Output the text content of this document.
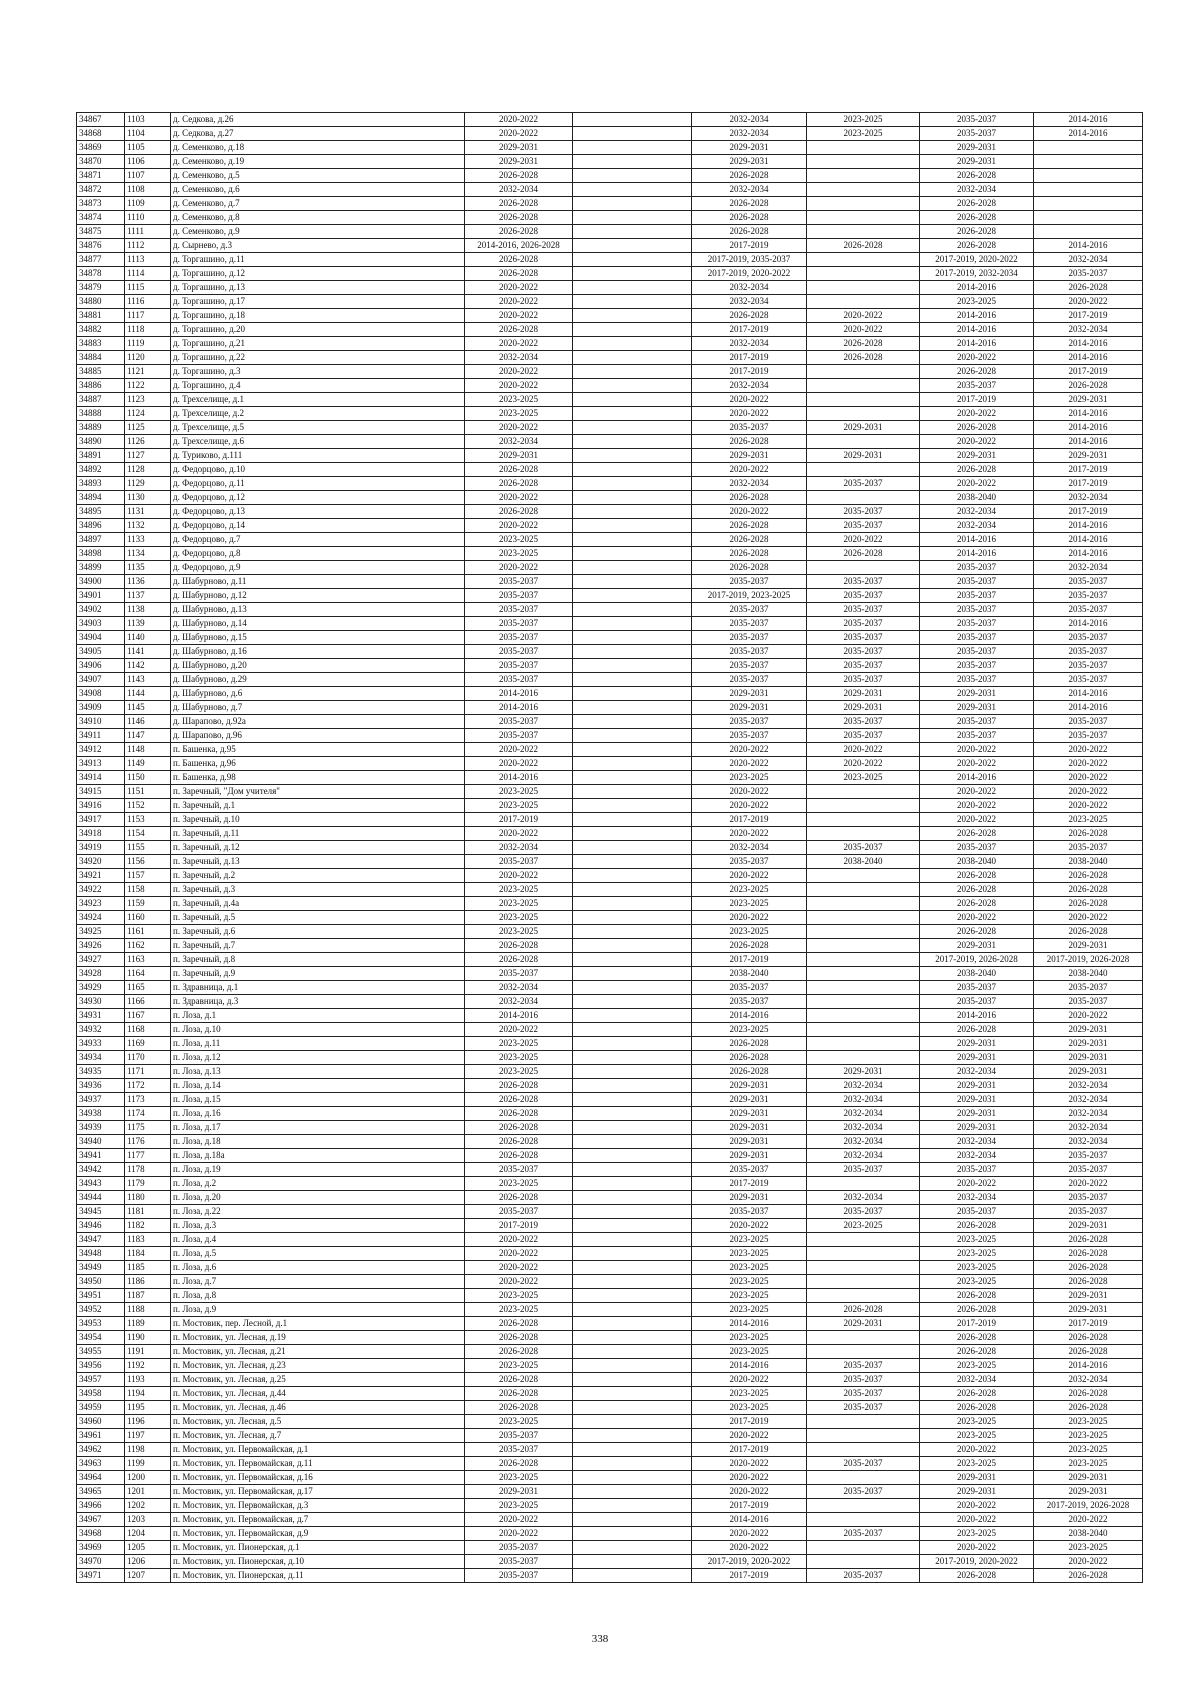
34867	1103	д. Седкова, д.26	2020-2022		2032-2034	2023-2025	2035-2037	2014-2016
34868	1104	д. Седкова, д.27	2020-2022		2032-2034	2023-2025	2035-2037	2014-2016
34869	1105	д. Семенково, д.18	2029-2031		2029-2031		2029-2031	
34870	1106	д. Семенково, д.19	2029-2031		2029-2031		2029-2031	
34871	1107	д. Семенково, д.5	2026-2028		2026-2028		2026-2028	
34872	1108	д. Семенково, д.6	2032-2034		2032-2034		2032-2034	
34873	1109	д. Семенково, д.7	2026-2028		2026-2028		2026-2028	
34874	1110	д. Семенково, д.8	2026-2028		2026-2028		2026-2028	
34875	1111	д. Семенково, д.9	2026-2028		2026-2028		2026-2028	
34876	1112	д. Сырнево, д.3	2014-2016, 2026-2028		2017-2019	2026-2028	2026-2028	2014-2016
34877	1113	д. Торгашино, д.11	2026-2028		2017-2019, 2035-2037		2017-2019, 2020-2022	2032-2034
34878	1114	д. Торгашино, д.12	2026-2028		2017-2019, 2020-2022		2017-2019, 2032-2034	2035-2037
34879	1115	д. Торгашино, д.13	2020-2022		2032-2034		2014-2016	2026-2028
34880	1116	д. Торгашино, д.17	2020-2022		2032-2034		2023-2025	2020-2022
34881	1117	д. Торгашино, д.18	2020-2022		2026-2028	2020-2022	2014-2016	2017-2019
34882	1118	д. Торгашино, д.20	2026-2028		2017-2019	2020-2022	2014-2016	2032-2034
34883	1119	д. Торгашино, д.21	2020-2022		2032-2034	2026-2028	2014-2016	2014-2016
34884	1120	д. Торгашино, д.22	2032-2034		2017-2019	2026-2028	2020-2022	2014-2016
34885	1121	д. Торгашино, д.3	2020-2022		2017-2019		2026-2028	2017-2019
34886	1122	д. Торгашино, д.4	2020-2022		2032-2034		2035-2037	2026-2028
34887	1123	д. Трехселище, д.1	2023-2025		2020-2022		2017-2019	2029-2031
34888	1124	д. Трехселище, д.2	2023-2025		2020-2022		2020-2022	2014-2016
34889	1125	д. Трехселище, д.5	2020-2022		2035-2037	2029-2031	2026-2028	2014-2016
34890	1126	д. Трехселище, д.6	2032-2034		2026-2028		2020-2022	2014-2016
34891	1127	д. Туриково, д.111	2029-2031		2029-2031	2029-2031	2029-2031	2029-2031
34892	1128	д. Федорцово, д.10	2026-2028		2020-2022		2026-2028	2017-2019
34893	1129	д. Федорцово, д.11	2026-2028		2032-2034	2035-2037	2020-2022	2017-2019
34894	1130	д. Федорцово, д.12	2020-2022		2026-2028		2038-2040	2032-2034
34895	1131	д. Федорцово, д.13	2026-2028		2020-2022	2035-2037	2032-2034	2017-2019
34896	1132	д. Федорцово, д.14	2020-2022		2026-2028	2035-2037	2032-2034	2014-2016
34897	1133	д. Федорцово, д.7	2023-2025		2026-2028	2020-2022	2014-2016	2014-2016
34898	1134	д. Федорцово, д.8	2023-2025		2026-2028	2026-2028	2014-2016	2014-2016
34899	1135	д. Федорцово, д.9	2020-2022		2026-2028		2035-2037	2032-2034
34900	1136	д. Шабурново, д.11	2035-2037		2035-2037	2035-2037	2035-2037	2035-2037
34901	1137	д. Шабурново, д.12	2035-2037		2017-2019, 2023-2025	2035-2037	2035-2037	2035-2037
34902	1138	д. Шабурново, д.13	2035-2037		2035-2037	2035-2037	2035-2037	2035-2037
34903	1139	д. Шабурново, д.14	2035-2037		2035-2037	2035-2037	2035-2037	2014-2016
34904	1140	д. Шабурново, д.15	2035-2037		2035-2037	2035-2037	2035-2037	2035-2037
34905	1141	д. Шабурново, д.16	2035-2037		2035-2037	2035-2037	2035-2037	2035-2037
34906	1142	д. Шабурново, д.20	2035-2037		2035-2037	2035-2037	2035-2037	2035-2037
34907	1143	д. Шабурново, д.29	2035-2037		2035-2037	2035-2037	2035-2037	2035-2037
34908	1144	д. Шабурново, д.6	2014-2016		2029-2031	2029-2031	2029-2031	2014-2016
34909	1145	д. Шабурново, д.7	2014-2016		2029-2031	2029-2031	2029-2031	2014-2016
34910	1146	д. Шарапово, д.92а	2035-2037		2035-2037	2035-2037	2035-2037	2035-2037
34911	1147	д. Шарапово, д.96	2035-2037		2035-2037	2035-2037	2035-2037	2035-2037
34912	1148	п. Башенка, д.95	2020-2022		2020-2022	2020-2022	2020-2022	2020-2022
34913	1149	п. Башенка, д.96	2020-2022		2020-2022	2020-2022	2020-2022	2020-2022
34914	1150	п. Башенка, д.98	2014-2016		2023-2025	2023-2025	2014-2016	2020-2022
34915	1151	п. Заречный, "Дом учителя"	2023-2025		2020-2022		2020-2022	2020-2022
34916	1152	п. Заречный, д.1	2023-2025		2020-2022		2020-2022	2020-2022
34917	1153	п. Заречный, д.10	2017-2019		2017-2019		2020-2022	2023-2025
34918	1154	п. Заречный, д.11	2020-2022		2020-2022		2026-2028	2026-2028
34919	1155	п. Заречный, д.12	2032-2034		2032-2034	2035-2037	2035-2037	2035-2037
34920	1156	п. Заречный, д.13	2035-2037		2035-2037	2038-2040	2038-2040	2038-2040
34921	1157	п. Заречный, д.2	2020-2022		2020-2022		2026-2028	2026-2028
34922	1158	п. Заречный, д.3	2023-2025		2023-2025		2026-2028	2026-2028
34923	1159	п. Заречный, д.4а	2023-2025		2023-2025		2026-2028	2026-2028
34924	1160	п. Заречный, д.5	2023-2025		2020-2022		2020-2022	2020-2022
34925	1161	п. Заречный, д.6	2023-2025		2023-2025		2026-2028	2026-2028
34926	1162	п. Заречный, д.7	2026-2028		2026-2028		2029-2031	2029-2031
34927	1163	п. Заречный, д.8	2026-2028		2017-2019		2017-2019, 2026-2028	2017-2019, 2026-2028
34928	1164	п. Заречный, д.9	2035-2037		2038-2040		2038-2040	2038-2040
34929	1165	п. Здравница, д.1	2032-2034		2035-2037		2035-2037	2035-2037
34930	1166	п. Здравница, д.3	2032-2034		2035-2037		2035-2037	2035-2037
34931	1167	п. Лоза, д.1	2014-2016		2014-2016		2014-2016	2020-2022
34932	1168	п. Лоза, д.10	2020-2022		2023-2025		2026-2028	2029-2031
34933	1169	п. Лоза, д.11	2023-2025		2026-2028		2029-2031	2029-2031
34934	1170	п. Лоза, д.12	2023-2025		2026-2028		2029-2031	2029-2031
34935	1171	п. Лоза, д.13	2023-2025		2026-2028	2029-2031	2032-2034	2029-2031
34936	1172	п. Лоза, д.14	2026-2028		2029-2031	2032-2034	2029-2031	2032-2034
34937	1173	п. Лоза, д.15	2026-2028		2029-2031	2032-2034	2029-2031	2032-2034
34938	1174	п. Лоза, д.16	2026-2028		2029-2031	2032-2034	2029-2031	2032-2034
34939	1175	п. Лоза, д.17	2026-2028		2029-2031	2032-2034	2029-2031	2032-2034
34940	1176	п. Лоза, д.18	2026-2028		2029-2031	2032-2034	2032-2034	2032-2034
34941	1177	п. Лоза, д.18а	2026-2028		2029-2031	2032-2034	2032-2034	2035-2037
34942	1178	п. Лоза, д.19	2035-2037		2035-2037	2035-2037	2035-2037	2035-2037
34943	1179	п. Лоза, д.2	2023-2025		2017-2019		2020-2022	2020-2022
34944	1180	п. Лоза, д.20	2026-2028		2029-2031	2032-2034	2032-2034	2035-2037
34945	1181	п. Лоза, д.22	2035-2037		2035-2037	2035-2037	2035-2037	2035-2037
34946	1182	п. Лоза, д.3	2017-2019		2020-2022	2023-2025	2026-2028	2029-2031
34947	1183	п. Лоза, д.4	2020-2022		2023-2025		2023-2025	2026-2028
34948	1184	п. Лоза, д.5	2020-2022		2023-2025		2023-2025	2026-2028
34949	1185	п. Лоза, д.6	2020-2022		2023-2025		2023-2025	2026-2028
34950	1186	п. Лоза, д.7	2020-2022		2023-2025		2023-2025	2026-2028
34951	1187	п. Лоза, д.8	2023-2025		2023-2025		2026-2028	2029-2031
34952	1188	п. Лоза, д.9	2023-2025		2023-2025	2026-2028	2026-2028	2029-2031
34953	1189	п. Мостовик, пер. Лесной, д.1	2026-2028		2014-2016	2029-2031	2017-2019	2017-2019
34954	1190	п. Мостовик, ул. Лесная, д.19	2026-2028		2023-2025		2026-2028	2026-2028
34955	1191	п. Мостовик, ул. Лесная, д.21	2026-2028		2023-2025		2026-2028	2026-2028
34956	1192	п. Мостовик, ул. Лесная, д.23	2023-2025		2014-2016	2035-2037	2023-2025	2014-2016
34957	1193	п. Мостовик, ул. Лесная, д.25	2026-2028		2020-2022	2035-2037	2032-2034	2032-2034
34958	1194	п. Мостовик, ул. Лесная, д.44	2026-2028		2023-2025	2035-2037	2026-2028	2026-2028
34959	1195	п. Мостовик, ул. Лесная, д.46	2026-2028		2023-2025	2035-2037	2026-2028	2026-2028
34960	1196	п. Мостовик, ул. Лесная, д.5	2023-2025		2017-2019		2023-2025	2023-2025
34961	1197	п. Мостовик, ул. Лесная, д.7	2035-2037		2020-2022		2023-2025	2023-2025
34962	1198	п. Мостовик, ул. Первомайская, д.1	2035-2037		2017-2019		2020-2022	2023-2025
34963	1199	п. Мостовик, ул. Первомайская, д.11	2026-2028		2020-2022	2035-2037	2023-2025	2023-2025
34964	1200	п. Мостовик, ул. Первомайская, д.16	2023-2025		2020-2022		2029-2031	2029-2031
34965	1201	п. Мостовик, ул. Первомайская, д.17	2029-2031		2020-2022	2035-2037	2029-2031	2029-2031
34966	1202	п. Мостовик, ул. Первомайская, д.3	2023-2025		2017-2019		2020-2022	2017-2019, 2026-2028
34967	1203	п. Мостовик, ул. Первомайская, д.7	2020-2022		2014-2016		2020-2022	2020-2022
34968	1204	п. Мостовик, ул. Первомайская, д.9	2020-2022		2020-2022	2035-2037	2023-2025	2038-2040
34969	1205	п. Мостовик, ул. Пионерская, д.1	2035-2037		2020-2022		2020-2022	2023-2025
34970	1206	п. Мостовик, ул. Пионерская, д.10	2035-2037		2017-2019, 2020-2022		2017-2019, 2020-2022	2020-2022
34971	1207	п. Мостовик, ул. Пионерская, д.11	2035-2037		2017-2019	2035-2037	2026-2028	2026-2028
338
